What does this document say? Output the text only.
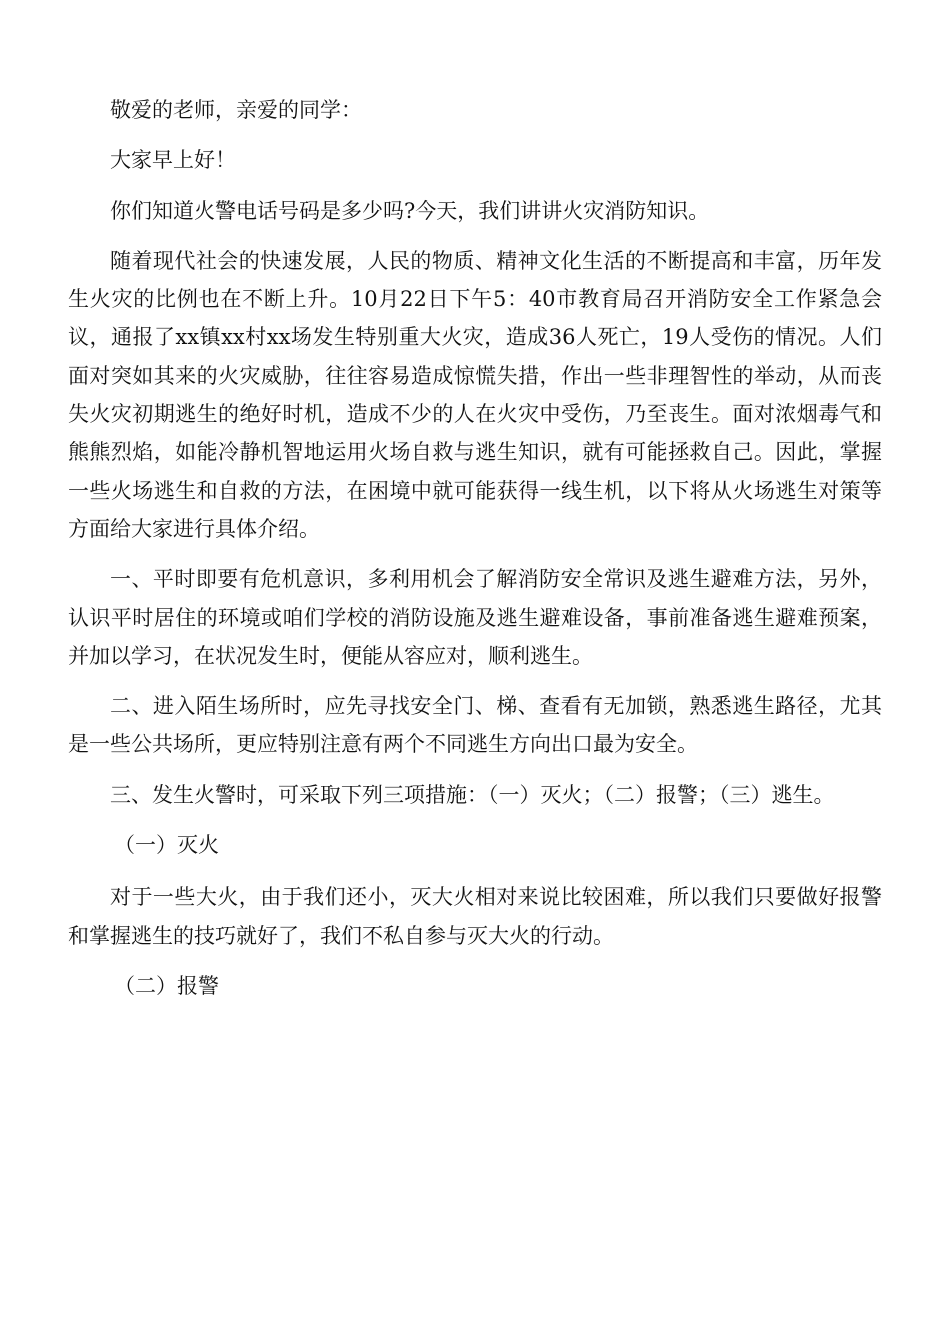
敬爱的老师，亲爱的同学：

大家早上好！

你们知道火警电话号码是多少吗?今天，我们讲讲火灾消防知识。

随着现代社会的快速发展，人民的物质、精神文化生活的不断提高和丰富，历年发生火灾的比例也在不断上升。10月22日下午5：40市教育局召开消防安全工作紧急会议，通报了xx镇xx村xx场发生特别重大火灾，造成36人死亡，19人受伤的情况。人们面对突如其来的火灾威胁，往往容易造成惊慌失措，作出一些非理智性的举动，从而丧失火灾初期逃生的绝好时机，造成不少的人在火灾中受伤，乃至丧生。面对浓烟毒气和熊熊烈焰，如能冷静机智地运用火场自救与逃生知识，就有可能拯救自己。因此，掌握一些火场逃生和自救的方法，在困境中就可能获得一线生机，以下将从火场逃生对策等方面给大家进行具体介绍。

一、平时即要有危机意识，多利用机会了解消防安全常识及逃生避难方法，另外，认识平时居住的环境或咱们学校的消防设施及逃生避难设备，事前准备逃生避难预案，并加以学习，在状况发生时，便能从容应对，顺利逃生。

二、进入陌生场所时，应先寻找安全门、梯、查看有无加锁，熟悉逃生路径，尤其是一些公共场所，更应特别注意有两个不同逃生方向出口最为安全。

三、发生火警时，可采取下列三项措施：（一）灭火；（二）报警；（三）逃生。

（一）灭火

对于一些大火，由于我们还小，灭大火相对来说比较困难，所以我们只要做好报警和掌握逃生的技巧就好了，我们不私自参与灭大火的行动。

（二）报警
